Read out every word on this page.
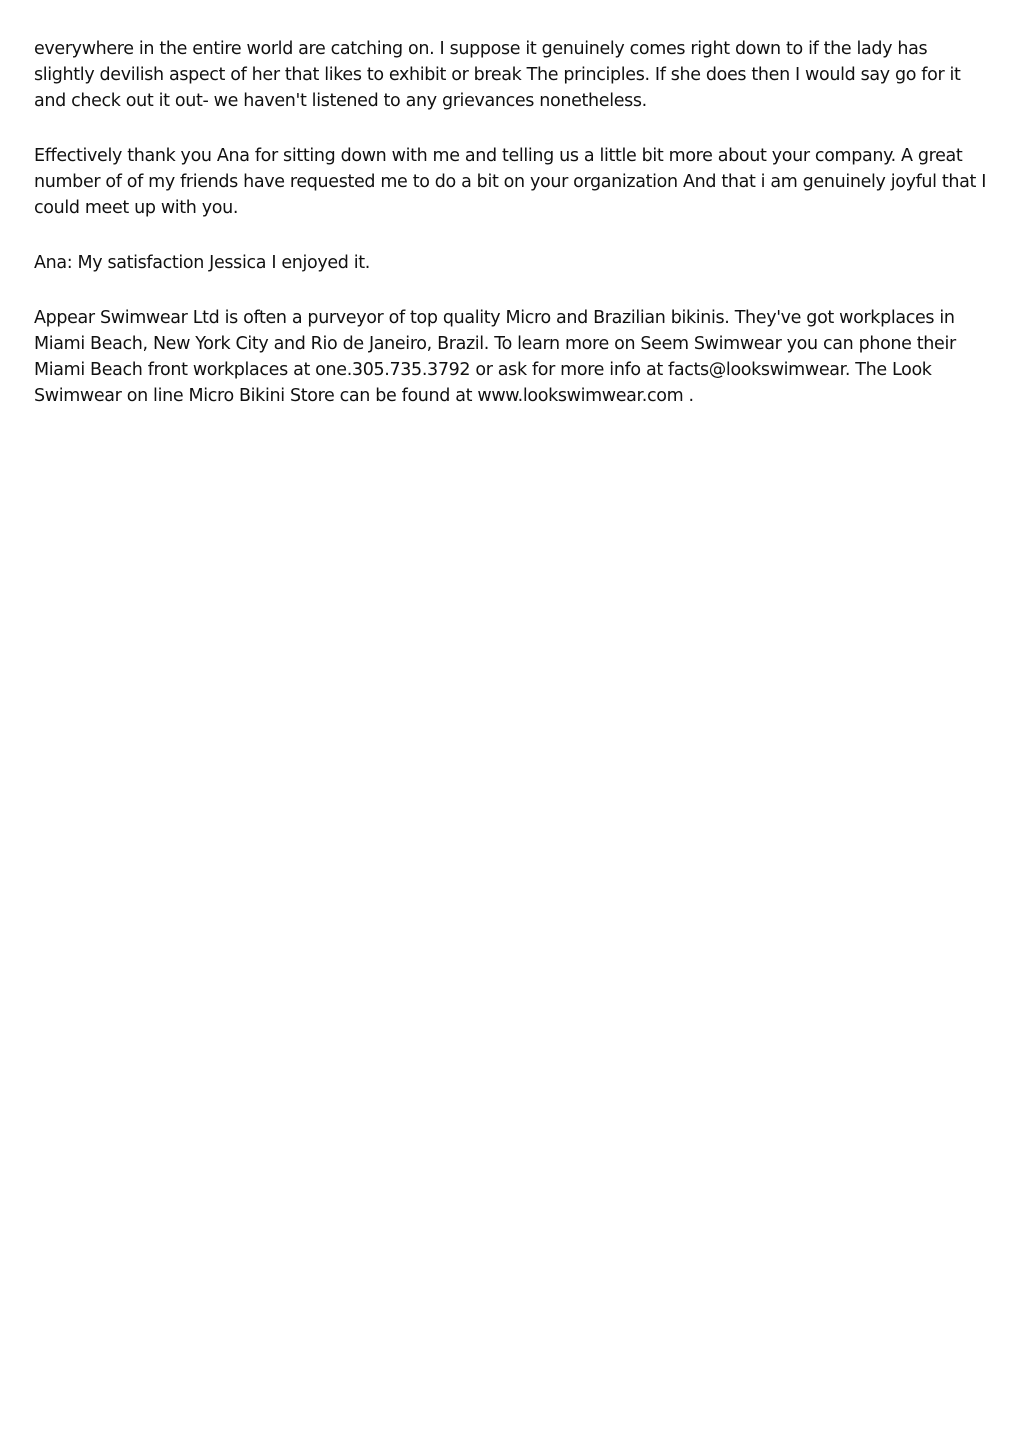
everywhere in the entire world are catching on. I suppose it genuinely comes right down to if the lady has slightly devilish aspect of her that likes to exhibit or break The principles. If she does then I would say go for it and check out it out- we haven't listened to any grievances nonetheless.

Effectively thank you Ana for sitting down with me and telling us a little bit more about your company. A great number of of my friends have requested me to do a bit on your organization And that i am genuinely joyful that I could meet up with you.

Ana: My satisfaction Jessica I enjoyed it.

Appear Swimwear Ltd is often a purveyor of top quality Micro and Brazilian bikinis. They've got workplaces in Miami Beach, New York City and Rio de Janeiro, Brazil. To learn more on Seem Swimwear you can phone their Miami Beach front workplaces at one.305.735.3792 or ask for more info at facts@lookswimwear. The Look Swimwear on line Micro Bikini Store can be found at www.lookswimwear.com .
